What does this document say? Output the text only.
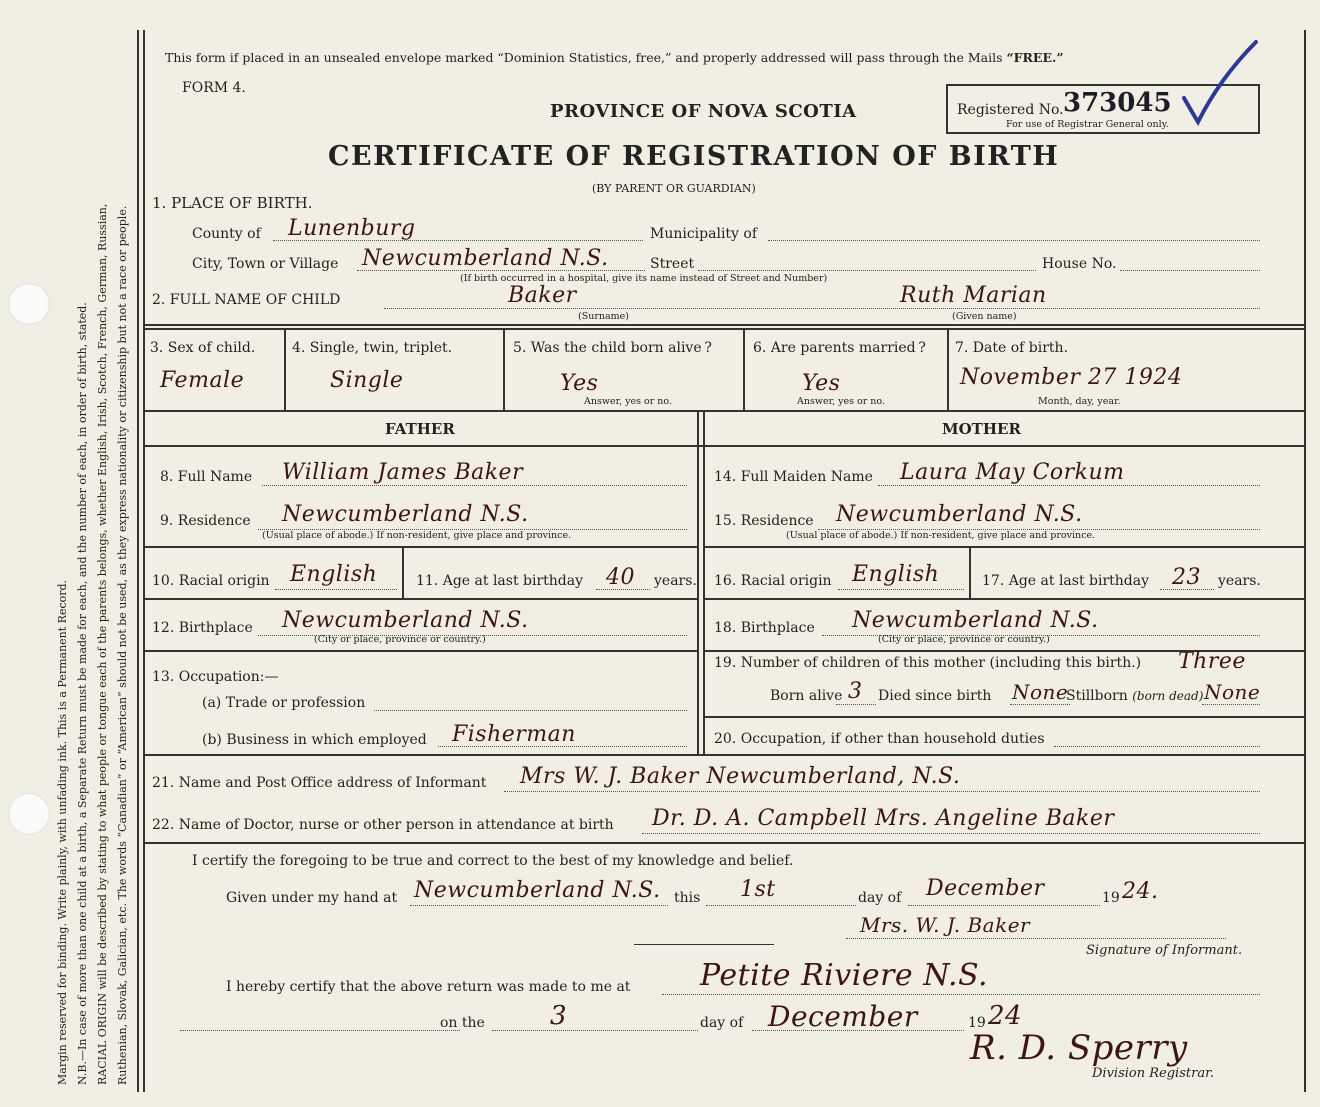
Margin reserved for binding. Write plainly, with unfading ink. This is a Permanent Record. N.B.—In case of more than one child at a birth, a Separate Return must be made for each, and the number of each, in order of birth, stated. RACIAL ORIGIN will be described by stating to what people or tongue each of the parents belongs, whether English, Irish, Scotch, French, German, Russian, Ruthenian, Slovak, Galician, etc. The words “Canadian” or “American” should not be used, as they express nationality or citizenship but not a race or people.
This form if placed in an unsealed envelope marked “Dominion Statistics, free,” and properly addressed will pass through the Mails “FREE.”
FORM 4.
PROVINCE OF NOVA SCOTIA	Registered No. 373045
For use of Registrar General only.
CERTIFICATE OF REGISTRATION OF BIRTH
(BY PARENT OR GUARDIAN)
1. PLACE OF BIRTH.
County of Lunenburg	Municipality of
City, Town or Village Newcumberland N.S.
(If birth occurred in a hospital, give its name instead of Street and Number)
Street	House No.
2. FULL NAME OF CHILD	Baker
(Surname)
Ruth Marian
(Given name)
3. Sex of child.
Female
4. Single, twin, triplet.
Single
5. Was the child born alive ?
Yes
Answer, yes or no.
6. Are parents married ?
Yes
Answer, yes or no.
7. Date of birth.
November 27 1924
Month, day, year.
FATHER	MOTHER
8. Full Name William James Baker
9. Residence Newcumberland N.S.
(Usual place of abode.) If non-resident, give place and province.
10. Racial origin English	11. Age at last birthday 40 years.
12. Birthplace Newcumberland N.S.
(City or place, province or country.)
13. Occupation:—
(a) Trade or profession
(b) Business in which employed Fisherman
14. Full Maiden Name Laura May Corkum
15. Residence Newcumberland N.S.
(Usual place of abode.) If non-resident, give place and province.
16. Racial origin English	17. Age at last birthday 23 years.
18. Birthplace Newcumberland N.S.
(City or place, province or country.)
19. Number of children of this mother (including this birth.) Three
Born alive 3 Died since birth None
Stillborn (born dead) None
20. Occupation, if other than household duties
21. Name and Post Office address of Informant Mrs W. J. Baker Newcumberland, N.S.
22. Name of Doctor, nurse or other person in attendance at birth Dr. D. A. Campbell Mrs. Angeline Baker
I certify the foregoing to be true and correct to the best of my knowledge and belief.
Given under my hand at Newcumberland N.S. this 1st	day of December	19 24.
Mrs. W. J. Baker
Signature of Informant.
I hereby certify that the above return was made to me at Petite Riviere N.S.
on the	3	day of December	19 24
R. D. Sperry
Division Registrar.
